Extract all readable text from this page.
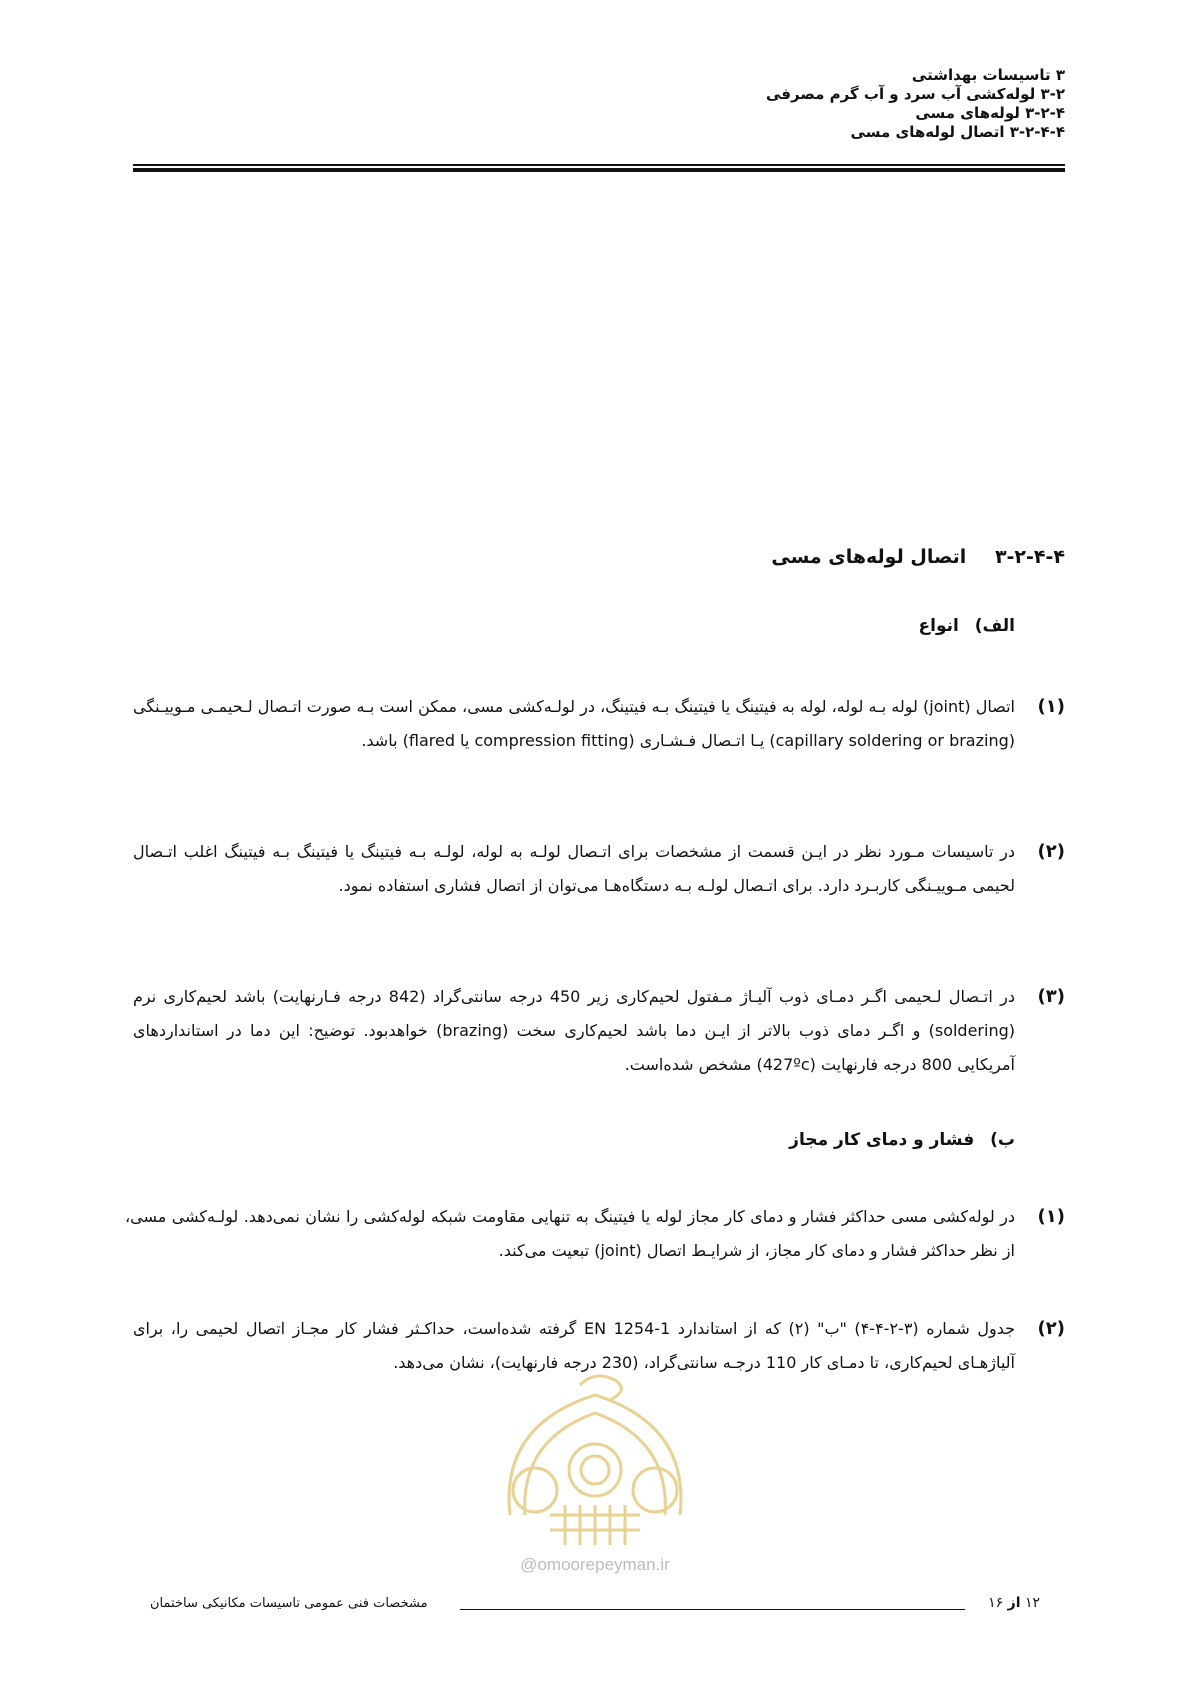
۳ تاسیسات بهداشتی
۳-۲ لوله‌کشی آب سرد و آب گرم مصرفی
۳-۲-۴ لوله‌های مسی
۳-۲-۴-۴ اتصال لوله‌های مسی
۳-۲-۴-۴ اتصال لوله‌های مسی
الف) انواع
(۱)
اتصال (joint) لوله بـه لوله، لوله به فیتینگ یا فیتینگ بـه فیتینگ، در لولـه‌کشی مسی، ممکن است بـه صورت اتـصال لـحیمـی مـوییـنگی (capillary soldering or brazing) یـا اتـصال فـشـاری (compression fitting یا flared) باشد.
(۲)
در تاسیسات مـورد نظر در ایـن قسمت از مشخصات برای اتـصال لولـه به لوله، لولـه بـه فیتینگ یا فیتینگ بـه فیتینگ اغلب اتـصال لحیمی مـوییـنگی کاربـرد دارد. برای اتـصال لولـه بـه دستگاه‌هـا می‌توان از اتصال فشاری استفاده نمود.
(۳)
در اتـصال لـحیمی اگـر دمـای ذوب آلیـاژ مـفتول لحیم‌کاری زیر 450 درجه سانتی‌گراد (842 درجه فـارنهایت) باشد لحیم‌کاری نرم (soldering) و اگـر دمای ذوب بالاتر از ایـن دما باشد لحیم‌کاری سخت (brazing) خواهدبود. توضیح: این دما در استانداردهای آمریکایی 800 درجه فارنهایت (427ºc) مشخص شده‌است.
ب) فشار و دمای کار مجاز
(۱)
در لوله‌کشی مسی حداکثر فشار و دمای کار مجاز لوله یا فیتینگ به تنهایی مقاومت شبکه لوله‌کشی را نشان نمی‌دهد. لولـه‌کشی مسی، از نظر حداکثر فشار و دمای کار مجاز، از شرایـط اتصال (joint) تبعیت می‌کند.
(۲)
جدول شماره (۳-۲-۴-۴) "ب" (۲) که از استاندارد EN 1254-1 گرفته شده‌است، حداکـثر فشار کار مجـاز اتصال لحیمی را، برای آلیاژهـای لحیم‌کاری، تا دمـای کار 110 درجـه سانتی‌گراد، (230 درجه فارنهایت)، نشان می‌دهد.
@omoorepeyman.ir
مشخصات فنی عمومی تاسیسات مکانیکی ساختمان	۱۲ از ۱۶
